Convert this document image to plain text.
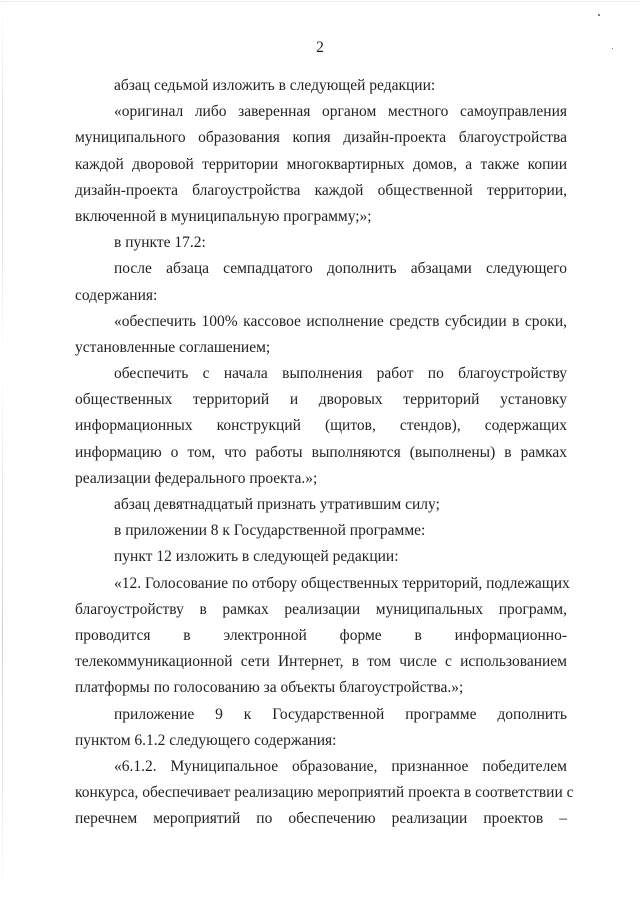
2
абзац седьмой изложить в следующей редакции:
«оригинал либо заверенная органом местного самоуправления
муниципального образования копия дизайн-проекта благоустройства
каждой дворовой территории многоквартирных домов, а также копии
дизайн-проекта благоустройства каждой общественной территории,
включенной в муниципальную программу;»;
в пункте 17.2:
после абзаца семпадцатого дополнить абзацами следующего
содержания:
«обеспечить 100% кассовое исполнение средств субсидии в сроки,
установленные соглашением;
обеспечить с начала выполнения работ по благоустройству
общественных территорий и дворовых территорий установку
информационных конструкций (щитов, стендов), содержащих
информацию о том, что работы выполняются (выполнены) в рамках
реализации федерального проекта.»;
абзац девятнадцатый признать утратившим силу;
в приложении 8 к Государственной программе:
пункт 12 изложить в следующей редакции:
«12. Голосование по отбору общественных территорий, подлежащих
благоустройству в рамках реализации муниципальных программ,
проводится в электронной форме в информационно-
телекоммуникационной сети Интернет, в том числе с использованием
платформы по голосованию за объекты благоустройства.»;
приложение 9 к Государственной программе дополнить
пунктом 6.1.2 следующего содержания:
«6.1.2. Муниципальное образование, признанное победителем
конкурса, обеспечивает реализацию мероприятий проекта в соответствии с
перечнем мероприятий по обеспечению реализации проектов –
